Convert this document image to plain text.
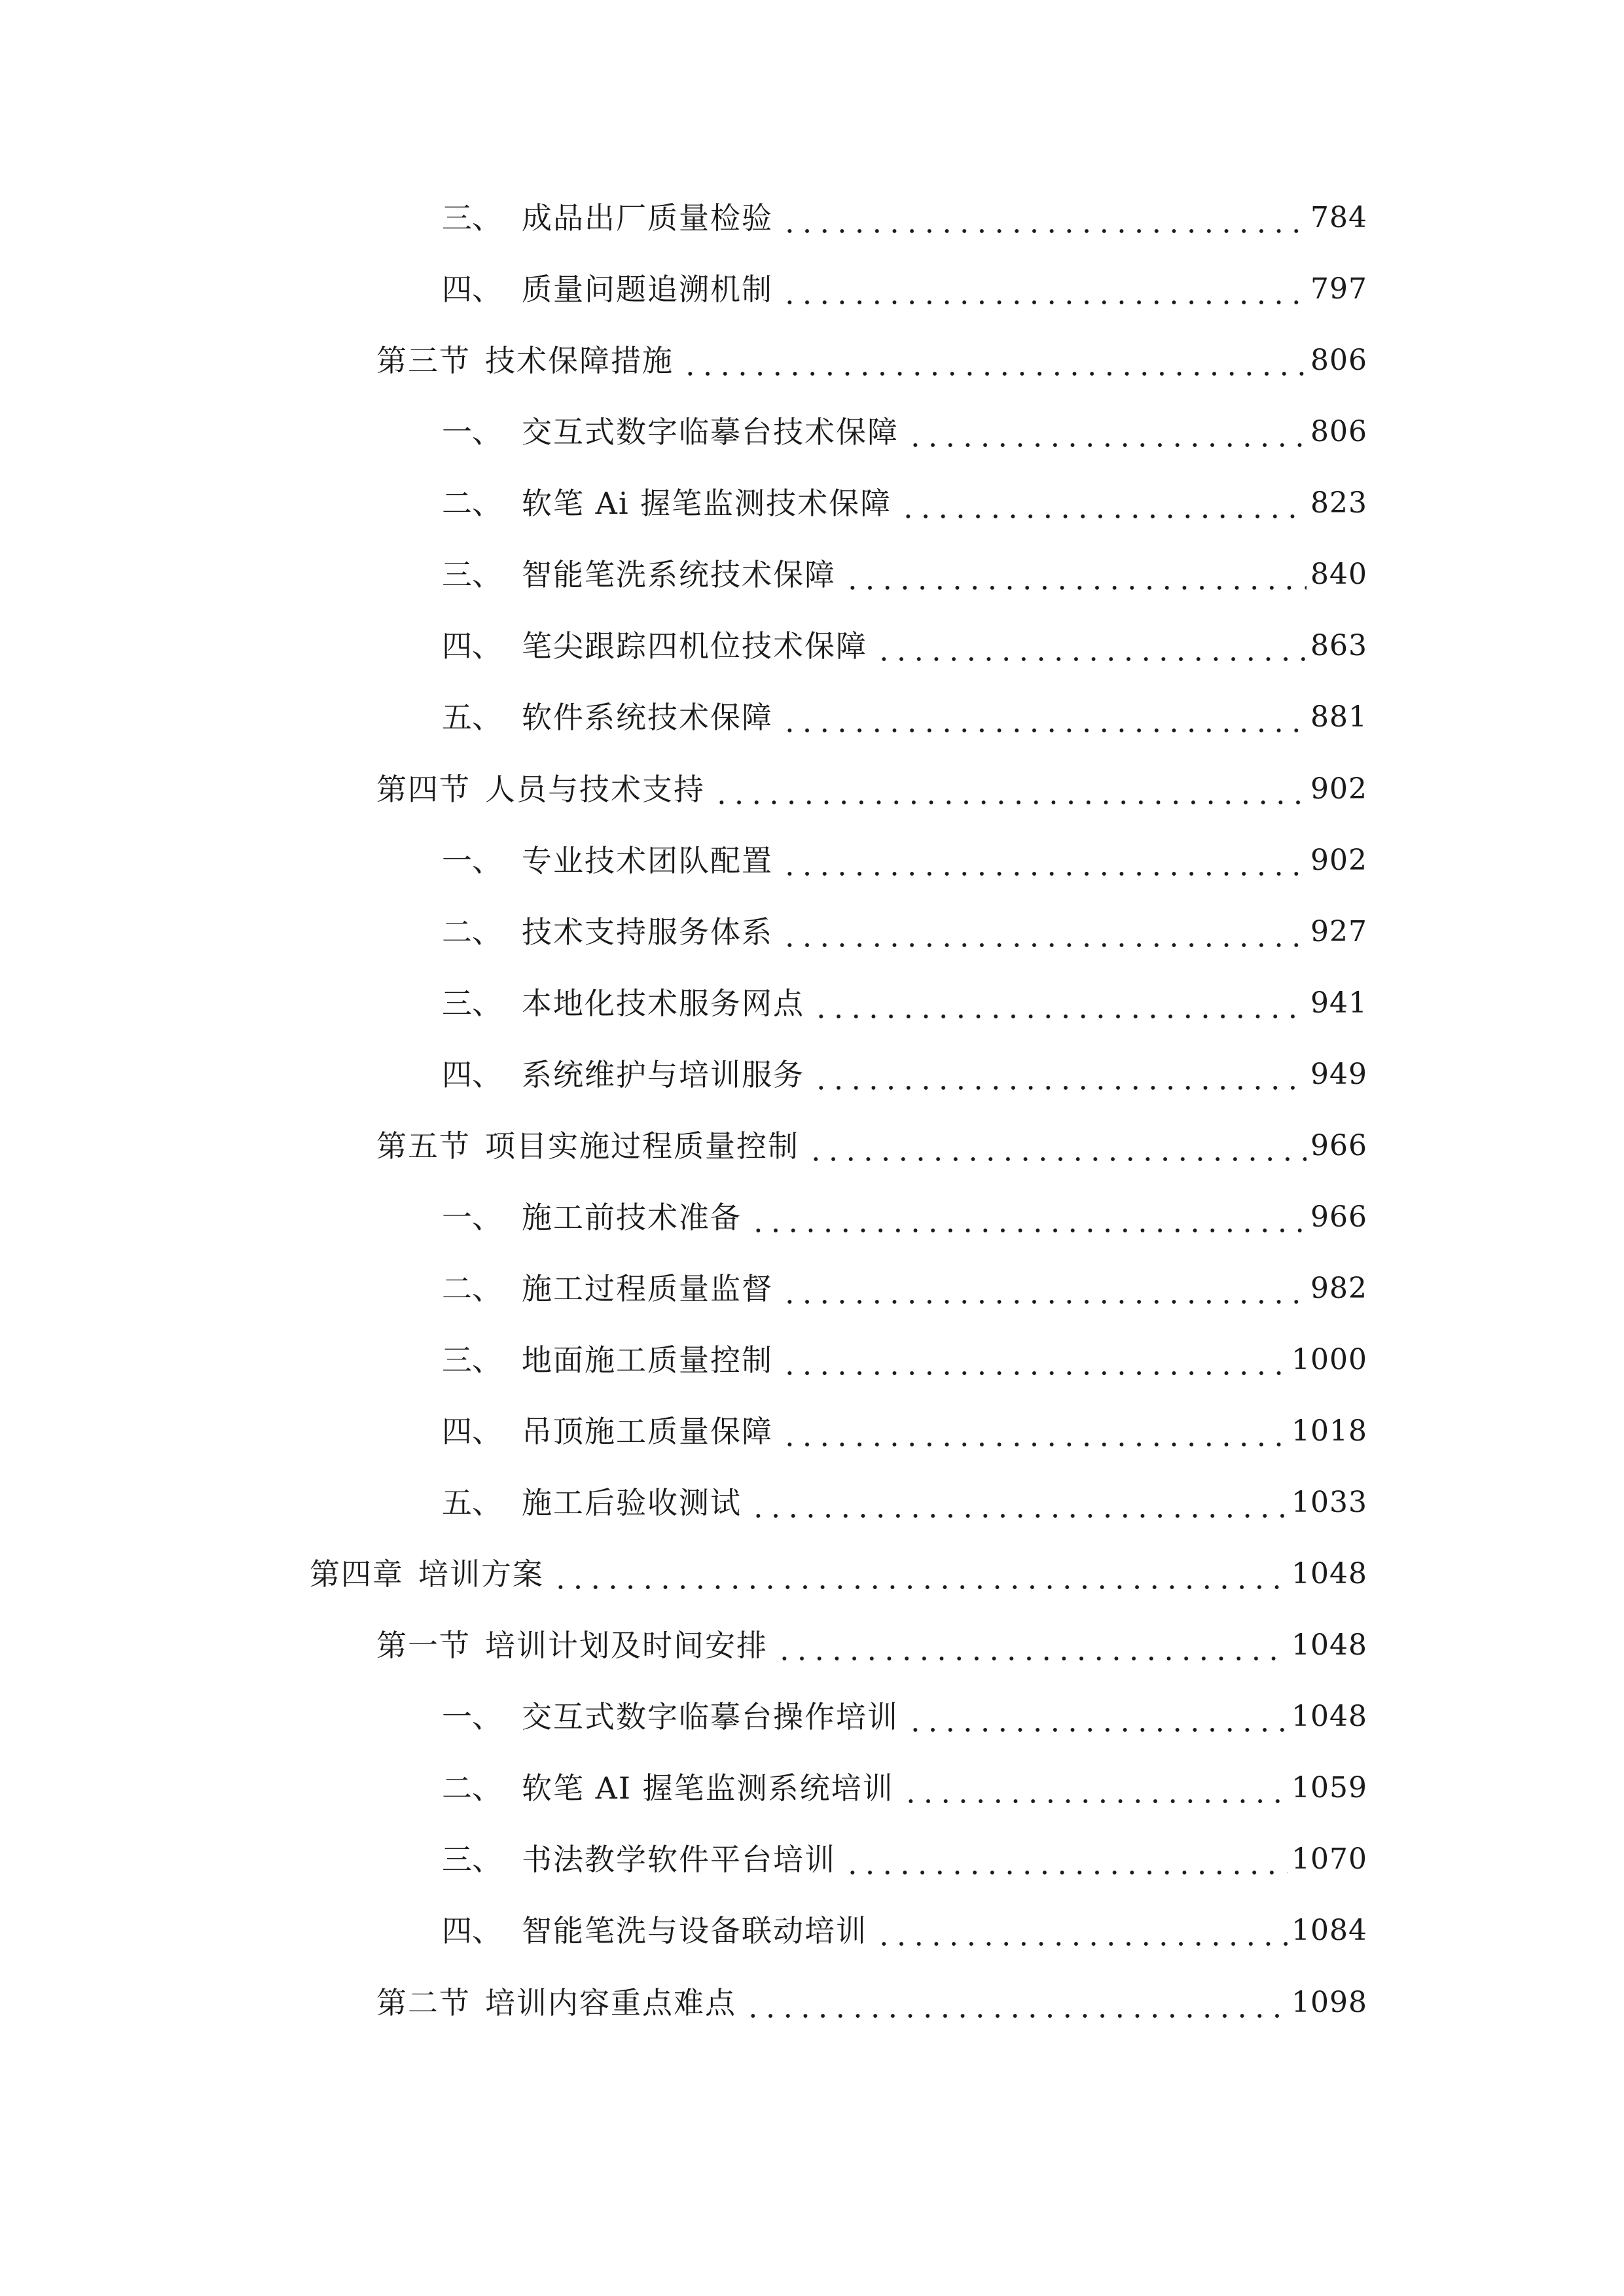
三、 成品出厂质量检验	784
四、 质量问题追溯机制	797
第三节 技术保障措施	806
一、 交互式数字临摹台技术保障	806
二、 软笔 Ai 握笔监测技术保障	823
三、 智能笔洗系统技术保障	840
四、 笔尖跟踪四机位技术保障	863
五、 软件系统技术保障	881
第四节 人员与技术支持	902
一、 专业技术团队配置	902
二、 技术支持服务体系	927
三、 本地化技术服务网点	941
四、 系统维护与培训服务	949
第五节 项目实施过程质量控制	966
一、 施工前技术准备	966
二、 施工过程质量监督	982
三、 地面施工质量控制	1000
四、 吊顶施工质量保障	1018
五、 施工后验收测试	1033
第四章 培训方案	1048
第一节 培训计划及时间安排	1048
一、 交互式数字临摹台操作培训	1048
二、 软笔 AI 握笔监测系统培训	1059
三、 书法教学软件平台培训	1070
四、 智能笔洗与设备联动培训	1084
第二节 培训内容重点难点	1098
